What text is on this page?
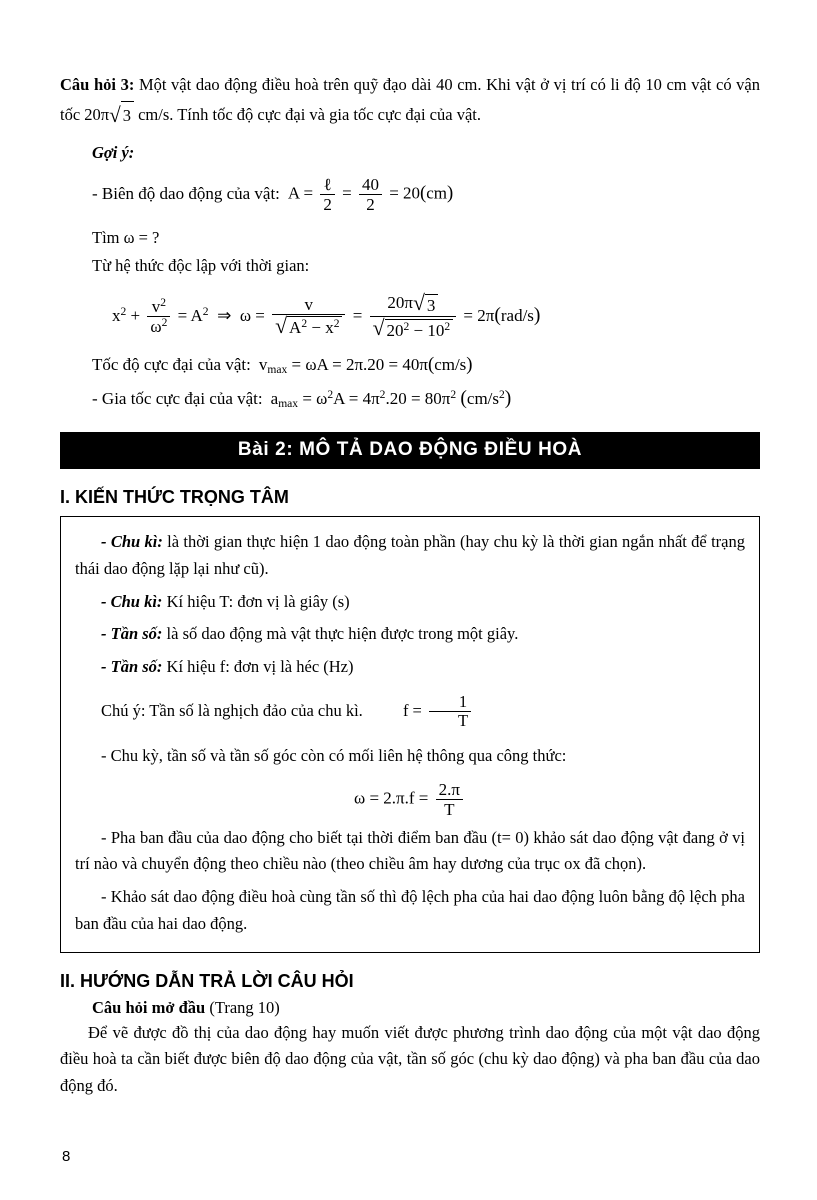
Câu hỏi 3: Một vật dao động điều hoà trên quỹ đạo dài 40 cm. Khi vật ở vị trí có li độ 10 cm vật có vận tốc 20π√ 3 cm/s. Tính tốc độ cực đại và gia tốc cực đại của vật.

Gợi ý:

- Biên độ dao động của vật: $A = \frac{\text{ℓ}}{2} = \frac{40}{2} = 20(cm)$

Tìm ω = ?

Từ hệ thức độc lập với thời gian:

$x^2 + \frac{v^2}{\omega^2} = A^2$  ⇒  $\omega = \frac{v}{√ A^2 - x^2} = \frac{20\pi√ 3}{√ 20^2 - 10^2} = 2\pi(rad/s)$
Tốc độ cực đại của vật: $v_{max} = \omega A = 2\pi.20 = 40\pi(cm/s)$
- Gia tốc cực đại của vật: $a_{max} = \omega^2A = 4\pi^2.20 = 80\pi^2$ $(cm/s^2)$
Bài 2: MÔ TẢ DAO ĐỘNG ĐIỀU HOÀ
I. KIẾN THỨC TRỌNG TÂM

- Chu kì: là thời gian thực hiện 1 dao động toàn phần (hay chu kỳ là thời gian ngắn nhất để trạng thái dao động lặp lại như cũ).

- Chu kì: Kí hiệu T: đơn vị là giây (s)

- Tần số: là số dao động mà vật thực hiện được trong một giây.

- Tần số: Kí hiệu f: đơn vị là héc (Hz)

Chú ý: Tần số là nghịch đảo của chu kì. $f = \frac{1}{T}$

- Chu kỳ, tần số và tần số góc còn có mối liên hệ thông qua công thức:

$\omega = 2.\pi.f = \frac{2.\pi}{T}$

- Pha ban đầu của dao động cho biết tại thời điểm ban đầu (t= 0) khảo sát dao động vật đang ở vị trí nào và chuyển động theo chiều nào (theo chiều âm hay dương của trục ox đã chọn).

- Khảo sát dao động điều hoà cùng tần số thì độ lệch pha của hai dao động luôn bằng độ lệch pha ban đầu của hai dao động.

II. HƯỚNG DẪN TRẢ LỜI CÂU HỎI

Câu hỏi mở đầu (Trang 10)

Để vẽ được đồ thị của dao động hay muốn viết được phương trình dao động của một vật dao động điều hoà ta cần biết được biên độ dao động của vật, tần số góc (chu kỳ dao động) và pha ban đầu của dao động đó.

8
